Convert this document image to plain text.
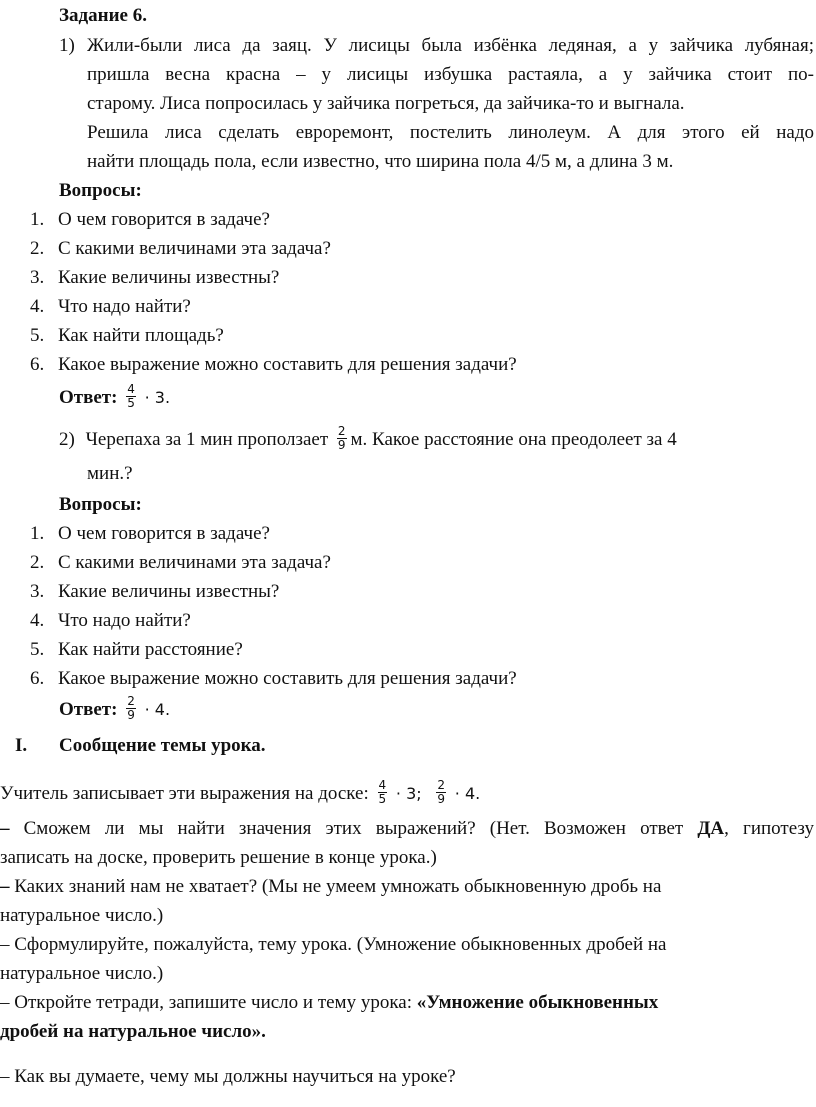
Задание 6.
1) Жили-были лиса да заяц. У лисицы была избёнка ледяная, а у зайчика лубяная;
пришла весна красна – у лисицы избушка растаяла, а у зайчика стоит по-
старому. Лиса попросилась у зайчика погреться, да зайчика-то и выгнала.
Решила лиса сделать евроремонт, постелить линолеум. А для этого ей надо
найти площадь пола, если известно, что ширина пола 4/5 м, а длина 3 м.
Вопросы:
1. О чем говорится в задаче?
2. С какими величинами эта задача?
3. Какие величины известны?
4. Что надо найти?
5. Как найти площадь?
6. Какое выражение можно составить для решения задачи?
Ответ: $\frac{4}{5} \cdot 3$.
2) Черепаха за 1 мин проползает $\frac{2}{9} м$. Какое расстояние она преодолеет за 4
мин.?
Вопросы:
1. О чем говорится в задаче?
2. С какими величинами эта задача?
3. Какие величины известны?
4. Что надо найти?
5. Как найти расстояние?
6. Какое выражение можно составить для решения задачи?
Ответ: $\frac{2}{9} \cdot 4$.
I. Сообщение темы урока.
Учитель записывает эти выражения на доске: $\frac{4}{5} \cdot 3$; $\frac{2}{9} \cdot 4$.
– Сможем ли мы найти значения этих выражений? (Нет. Возможен ответ ДА, гипотезу
записать на доске, проверить решение в конце урока.)
– Каких знаний нам не хватает? (Мы не умеем умножать обыкновенную дробь на
натуральное число.)
– Сформулируйте, пожалуйста, тему урока. (Умножение обыкновенных дробей на
натуральное число.)
– Откройте тетради, запишите число и тему урока: «Умножение обыкновенных
дробей на натуральное число».
– Как вы думаете, чему мы должны научиться на уроке?
